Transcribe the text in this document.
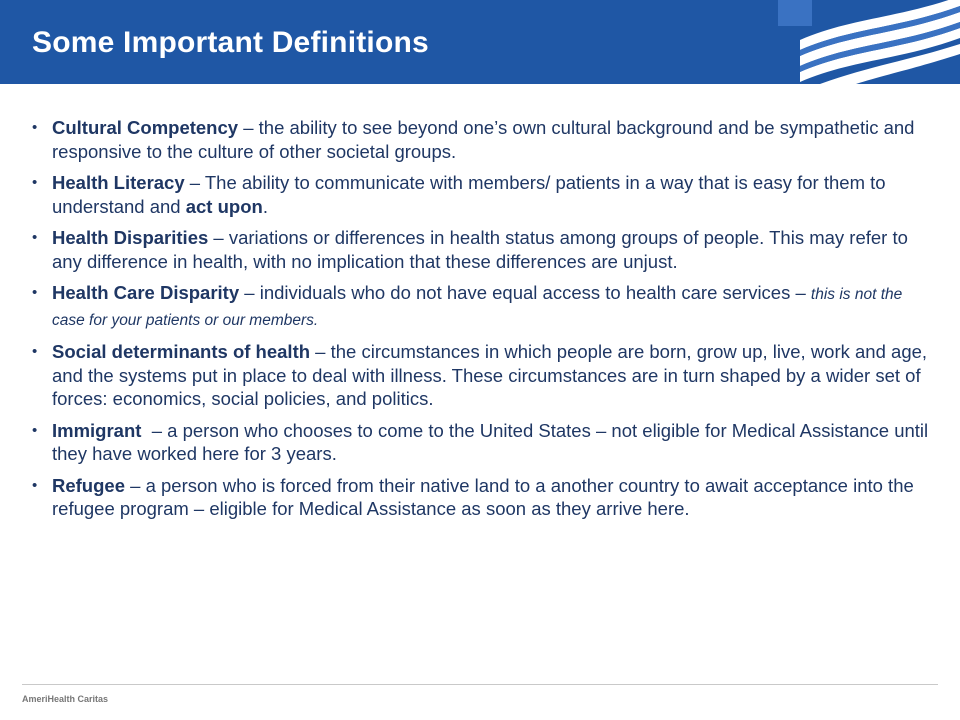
Some Important Definitions
• Cultural Competency – the ability to see beyond one’s own cultural background and be sympathetic and responsive to the culture of other societal groups.
• Health Literacy – The ability to communicate with members/ patients in a way that is easy for them to understand and act upon.
• Health Disparities – variations or differences in health status among groups of people. This may refer to any difference in health, with no implication that these differences are unjust.
• Health Care Disparity – individuals who do not have equal access to health care services – this is not the case for your patients or our members.
• Social determinants of health – the circumstances in which people are born, grow up, live, work and age, and the systems put in place to deal with illness. These circumstances are in turn shaped by a wider set of forces: economics, social policies, and politics.
• Immigrant  – a person who chooses to come to the United States – not eligible for Medical Assistance until they have worked here for 3 years.
• Refugee – a person who is forced from their native land to a another country to await acceptance into the refugee program – eligible for Medical Assistance as soon as they arrive here.
AmeriHealth Caritas
